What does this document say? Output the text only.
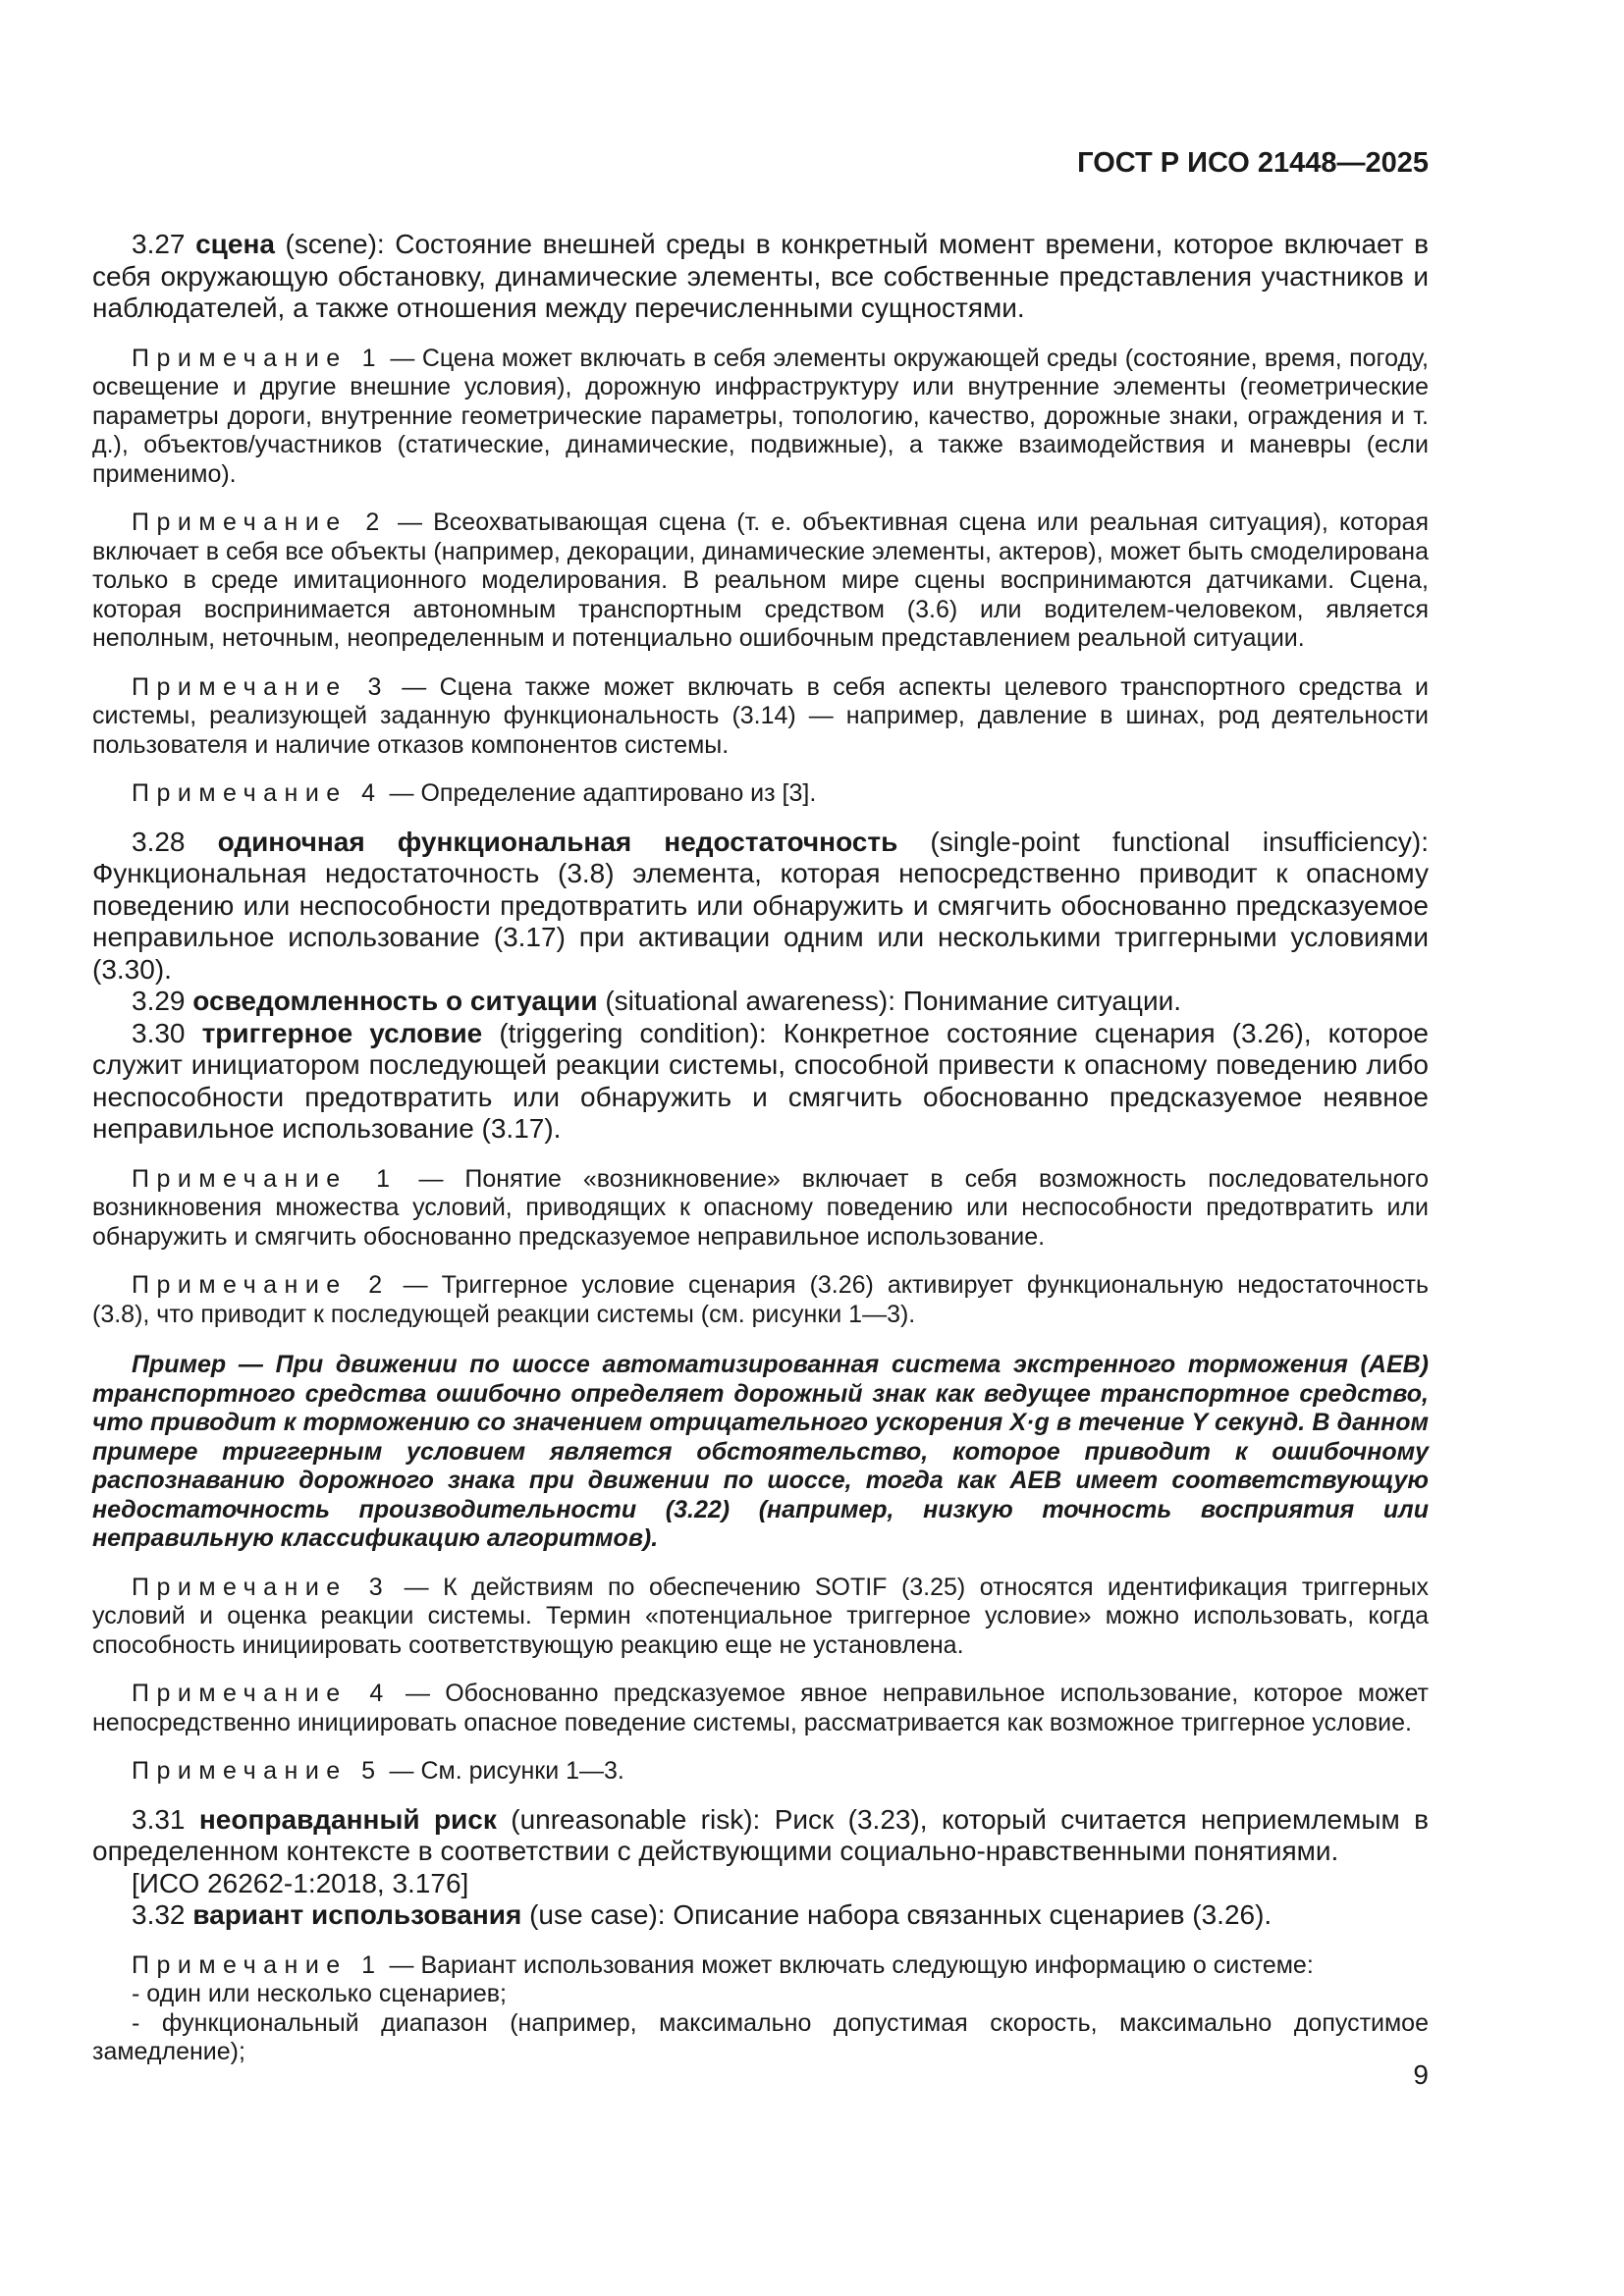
ГОСТ Р ИСО 21448—2025

3.27 сцена (scene): Состояние внешней среды в конкретный момент времени, которое включает в себя окружающую обстановку, динамические элементы, все собственные представления участников и наблюдателей, а также отношения между перечисленными сущностями.

Примечание 1 — Сцена может включать в себя элементы окружающей среды (состояние, время, погоду, освещение и другие внешние условия), дорожную инфраструктуру или внутренние элементы (геометрические параметры дороги, внутренние геометрические параметры, топологию, качество, дорожные знаки, ограждения и т. д.), объектов/участников (статические, динамические, подвижные), а также взаимодействия и маневры (если применимо).

Примечание 2 — Всеохватывающая сцена (т. е. объективная сцена или реальная ситуация), которая включает в себя все объекты (например, декорации, динамические элементы, актеров), может быть смоделирована только в среде имитационного моделирования. В реальном мире сцены воспринимаются датчиками. Сцена, которая воспринимается автономным транспортным средством (3.6) или водителем-человеком, является неполным, неточным, неопределенным и потенциально ошибочным представлением реальной ситуации.

Примечание 3 — Сцена также может включать в себя аспекты целевого транспортного средства и системы, реализующей заданную функциональность (3.14) — например, давление в шинах, род деятельности пользователя и наличие отказов компонентов системы.

Примечание 4 — Определение адаптировано из [3].

3.28 одиночная функциональная недостаточность (single-point functional insufficiency): Функциональная недостаточность (3.8) элемента, которая непосредственно приводит к опасному поведению или неспособности предотвратить или обнаружить и смягчить обоснованно предсказуемое неправильное использование (3.17) при активации одним или несколькими триггерными условиями (3.30).

3.29 осведомленность о ситуации (situational awareness): Понимание ситуации.

3.30 триггерное условие (triggering condition): Конкретное состояние сценария (3.26), которое служит инициатором последующей реакции системы, способной привести к опасному поведению либо неспособности предотвратить или обнаружить и смягчить обоснованно предсказуемое неявное неправильное использование (3.17).

Примечание 1 — Понятие «возникновение» включает в себя возможность последовательного возникновения множества условий, приводящих к опасному поведению или неспособности предотвратить или обнаружить и смягчить обоснованно предсказуемое неправильное использование.

Примечание 2 — Триггерное условие сценария (3.26) активирует функциональную недостаточность (3.8), что приводит к последующей реакции системы (см. рисунки 1—3).

Пример — При движении по шоссе автоматизированная система экстренного торможения (АЕВ) транспортного средства ошибочно определяет дорожный знак как ведущее транспортное средство, что приводит к торможению со значением отрицательного ускорения X·g в течение Y секунд. В данном примере триггерным условием является обстоятельство, которое приводит к ошибочному распознаванию дорожного знака при движении по шоссе, тогда как АЕВ имеет соответствующую недостаточность производительности (3.22) (например, низкую точность восприятия или неправильную классификацию алгоритмов).

Примечание 3 — К действиям по обеспечению SOTIF (3.25) относятся идентификация триггерных условий и оценка реакции системы. Термин «потенциальное триггерное условие» можно использовать, когда способность инициировать соответствующую реакцию еще не установлена.

Примечание 4 — Обоснованно предсказуемое явное неправильное использование, которое может непосредственно инициировать опасное поведение системы, рассматривается как возможное триггерное условие.

Примечание 5 — См. рисунки 1—3.

3.31 неоправданный риск (unreasonable risk): Риск (3.23), который считается неприемлемым в определенном контексте в соответствии с действующими социально-нравственными понятиями.

[ИСО 26262-1:2018, 3.176]

3.32 вариант использования (use case): Описание набора связанных сценариев (3.26).

Примечание 1 — Вариант использования может включать следующую информацию о системе:

- один или несколько сценариев;

- функциональный диапазон (например, максимально допустимая скорость, максимально допустимое замедление);

9
